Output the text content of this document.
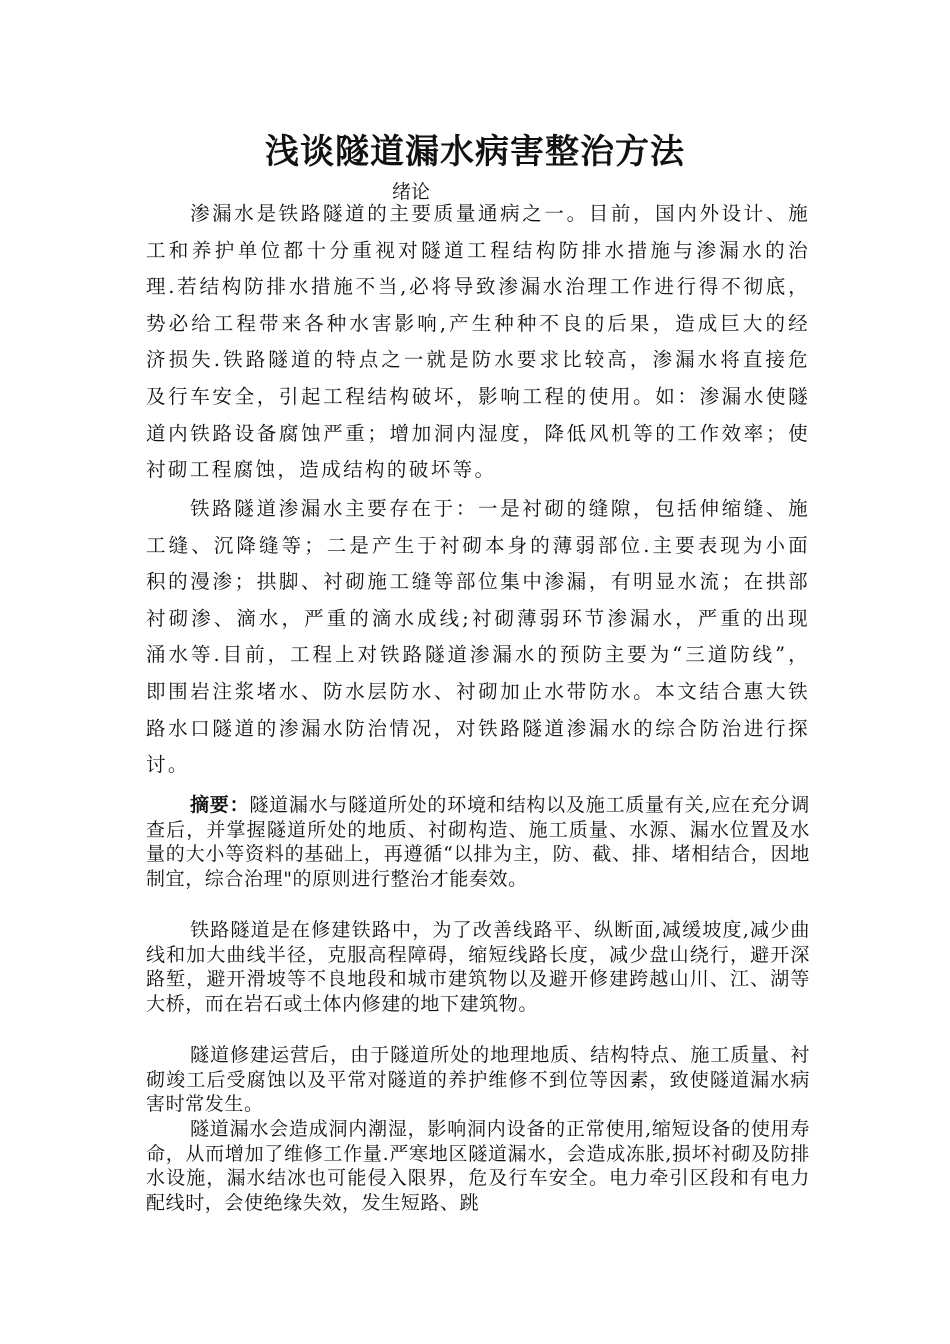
浅谈隧道漏水病害整治方法
绪论

渗漏水是铁路隧道的主要质量通病之一。目前，国内外设计、施工和养护单位都十分重视对隧道工程结构防排水措施与渗漏水的治理.若结构防排水措施不当,必将导致渗漏水治理工作进行得不彻底，势必给工程带来各种水害影响,产生种种不良的后果，造成巨大的经济损失.铁路隧道的特点之一就是防水要求比较高，渗漏水将直接危及行车安全，引起工程结构破坏，影响工程的使用。如：渗漏水使隧道内铁路设备腐蚀严重；增加洞内湿度，降低风机等的工作效率；使衬砌工程腐蚀，造成结构的破坏等。

铁路隧道渗漏水主要存在于：一是衬砌的缝隙，包括伸缩缝、施工缝、沉降缝等；二是产生于衬砌本身的薄弱部位.主要表现为小面积的漫渗；拱脚、衬砌施工缝等部位集中渗漏，有明显水流；在拱部衬砌渗、滴水，严重的滴水成线;衬砌薄弱环节渗漏水，严重的出现涌水等.目前，工程上对铁路隧道渗漏水的预防主要为“三道防线”，即围岩注浆堵水、防水层防水、衬砌加止水带防水。本文结合惠大铁路水口隧道的渗漏水防治情况，对铁路隧道渗漏水的综合防治进行探讨。

摘要：隧道漏水与隧道所处的环境和结构以及施工质量有关,应在充分调查后，并掌握隧道所处的地质、衬砌构造、施工质量、水源、漏水位置及水量的大小等资料的基础上，再遵循“以排为主，防、截、排、堵相结合，因地制宜，综合治理"的原则进行整治才能奏效。

铁路隧道是在修建铁路中，为了改善线路平、纵断面,减缓坡度,减少曲线和加大曲线半径，克服高程障碍，缩短线路长度，减少盘山绕行，避开深路堑，避开滑坡等不良地段和城市建筑物以及避开修建跨越山川、江、湖等大桥，而在岩石或土体内修建的地下建筑物。

隧道修建运营后，由于隧道所处的地理地质、结构特点、施工质量、衬砌竣工后受腐蚀以及平常对隧道的养护维修不到位等因素，致使隧道漏水病害时常发生。

隧道漏水会造成洞内潮湿，影响洞内设备的正常使用,缩短设备的使用寿命，从而增加了维修工作量.严寒地区隧道漏水，会造成冻胀,损坏衬砌及防排水设施，漏水结冰也可能侵入限界，危及行车安全。电力牵引区段和有电力配线时，会使绝缘失效，发生短路、跳
